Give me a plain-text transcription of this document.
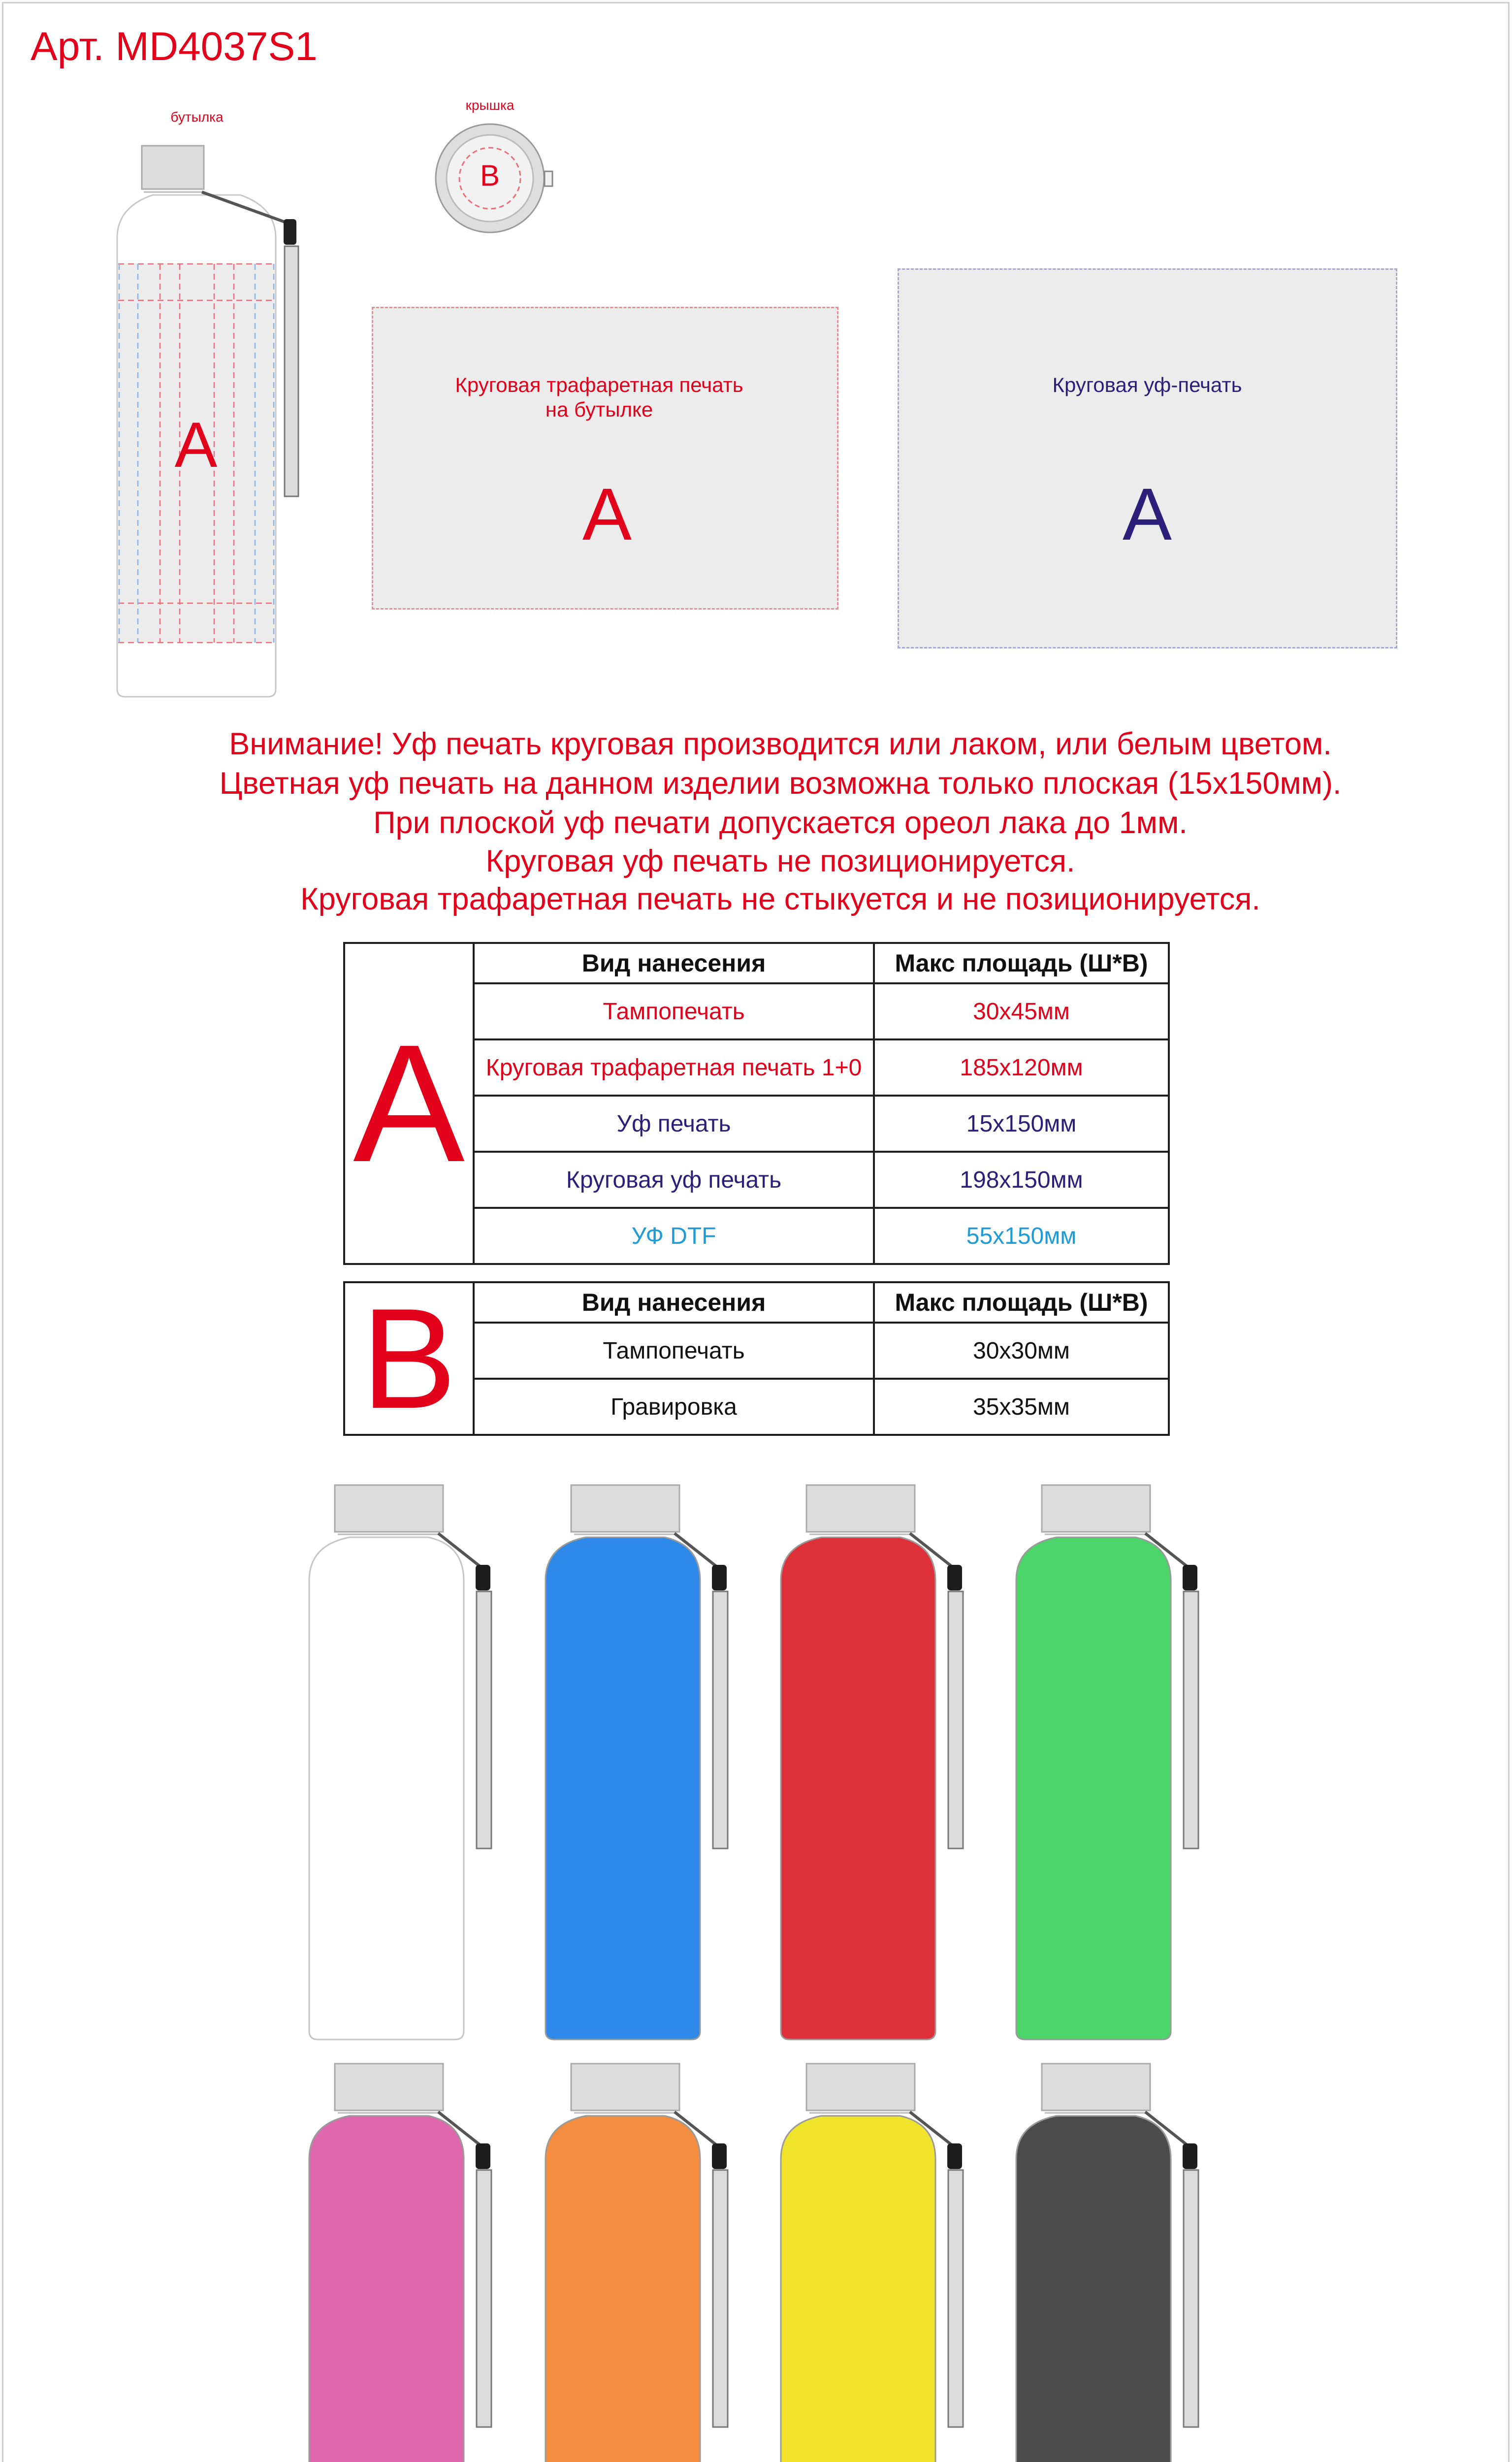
Арт. MD4037S1
бутылка
крышка
A
B
Круговая трафаретная печать
на бутылке
A
Круговая уф-печать
A
Внимание! Уф печать круговая производится или лаком, или белым цветом.
Цветная уф печать на данном изделии возможна только плоская (15х150мм).
При плоской уф печати допускается ореол лака до 1мм.
Круговая уф печать не позиционируется.
Круговая трафаретная печать не стыкуется и не позиционируется.
A	Вид нанесения	Макс площадь (Ш*В)
	Тампопечать	30х45мм
	Круговая трафаретная печать 1+0	185х120мм
	Уф печать	15х150мм
	Круговая уф печать	198х150мм
	УФ DTF	55х150мм
B	Вид нанесения	Макс площадь (Ш*В)
	Тампопечать	30х30мм
	Гравировка	35х35мм
